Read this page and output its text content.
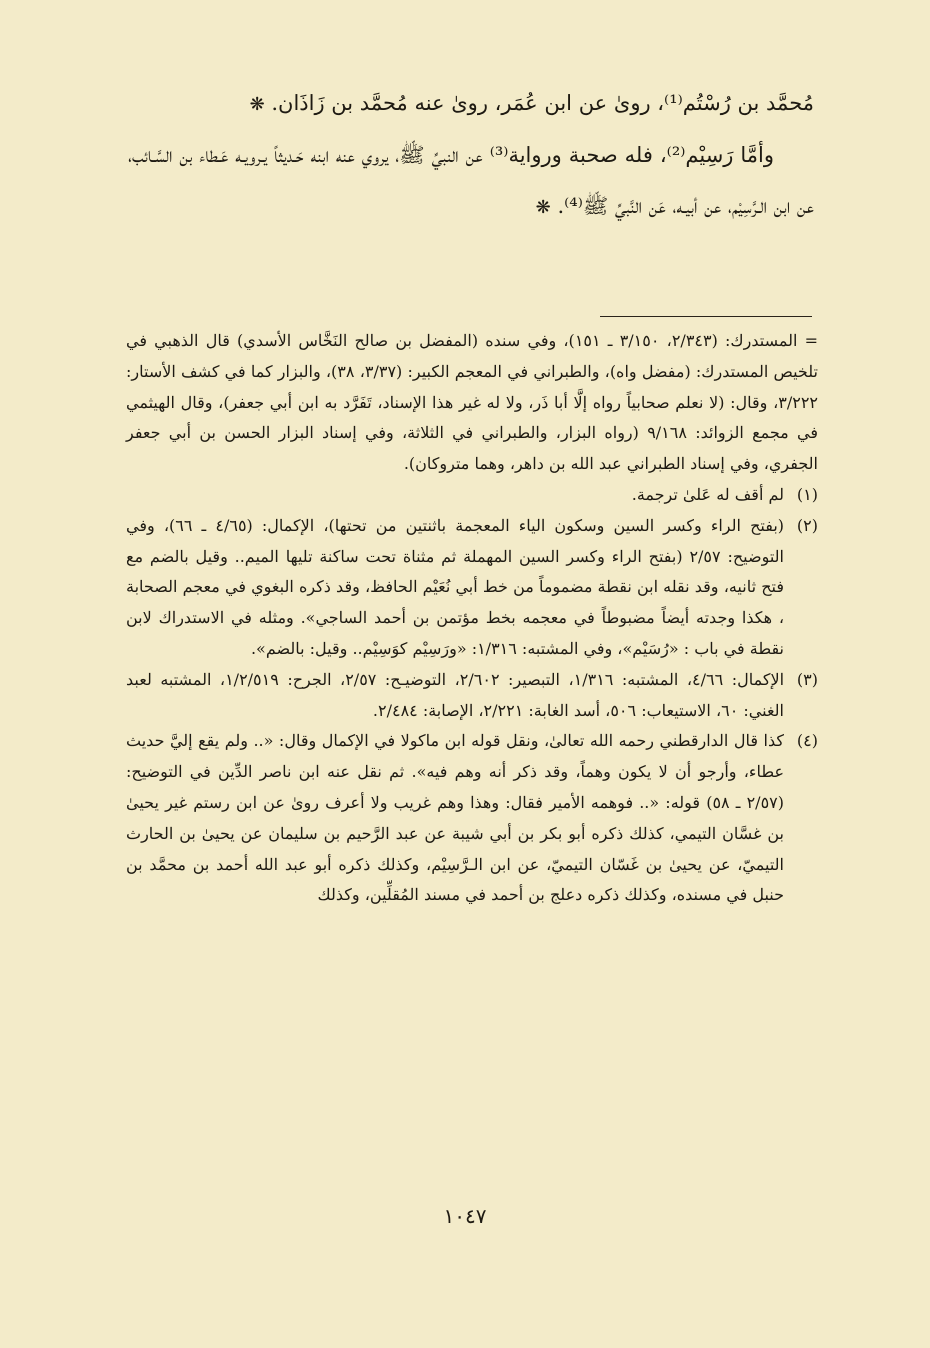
مُحمَّد بن رُسْتُم⁽¹⁾، روىٰ عن ابن عُمَر، روىٰ عنه مُحمَّد بن زَاذَان. ❋

وأمَّا رَسِيْم⁽²⁾، فله صحبة ورواية⁽³⁾ عن النبيِّ ﷺ، يروي عنه ابنه حَـديثاً يـرويـه عَـطاء بن السَّـائب، عن ابن الـرَّسِيْم، عن أبيـه، عَن النَّبيِّ ﷺ⁽⁴⁾. ❋

= المستدرك: (٢/٣٤٣، ٣/١٥٠ ـ ١٥١)، وفي سنده (المفضل بن صالح النَخَّاس الأسدي) قال الذهبي في تلخيص المستدرك: (مفضل واه)، والطبراني في المعجم الكبير: (٣/٣٧، ٣٨)، والبزار كما في كشف الأستار: ٣/٢٢٢، وقال: (لا نعلم صحابياً رواه إلَّا أبا ذَر، ولا له غير هذا الإسناد، تَفَرَّد به ابن أبي جعفر)، وقال الهيثمي في مجمع الزوائد: ٩/١٦٨ (رواه البزار، والطبراني في الثلاثة، وفي إسناد البزار الحسن بن أبي جعفر الجفري، وفي إسناد الطبراني عبد الله بن داهر، وهما متروكان).

(١)
لم أقف له عَلىٰ ترجمة.
(٢)
(بفتح الراء وكسر السين وسكون الياء المعجمة باثنتين من تحتها)، الإكمال: (٤/٦٥ ـ ٦٦)، وفي التوضيح: ٢/٥٧ (بفتح الراء وكسر السين المهملة ثم مثناة تحت ساكنة تليها الميم.. وقيل بالضم مع فتح ثانيه، وقد نقله ابن نقطة مضموماً من خط أبي نُعَيْم الحافظ، وقد ذكره البغوي في معجم الصحابة ، هكذا وجدته أيضاً مضبوطاً في معجمه بخط مؤتمن بن أحمد الساجي». ومثله في الاستدراك لابن نقطة في باب : «رُسَيْم»، وفي المشتبه: ١/٣١٦: «ورَسِيْم كوَسِيْم.. وقيل: بالضم».
(٣)
الإكمال: ٤/٦٦، المشتبه: ١/٣١٦، التبصير: ٢/٦٠٢، التوضيـح: ٢/٥٧، الجرح: ١/٢/٥١٩، المشتبه لعبد الغني: ٦٠، الاستيعاب: ٥٠٦، أسد الغابة: ٢/٢٢١، الإصابة: ٢/٤٨٤.
(٤)
كذا قال الدارقطني رحمه الله تعالىٰ، ونقل قوله ابن ماكولا في الإكمال وقال: «.. ولم يقع إليَّ حديث عطاء، وأرجو أن لا يكون وهماً، وقد ذكر أنه وهم فيه». ثم نقل عنه ابن ناصر الدِّين في التوضيح: (٢/٥٧ ـ ٥٨) قوله: «.. فوهمه الأمير فقال: وهذا وهم غريب ولا أعرف روىٰ عن ابن رستم غير يحيىٰ بن غسَّان التيمي، كذلك ذكره أبو بكر بن أبي شيبة عن عبد الرَّحيم بن سليمان عن يحيىٰ بن الحارث التيميّ، عن يحيىٰ بن غَسّان التيميّ، عن ابن الـرَّسِيْم، وكذلك ذكره أبو عبد الله أحمد بن محمَّد بن حنبل في مسنده، وكذلك ذكره دعلج بن أحمد في مسند المُقلِّين، وكذلك
١٠٤٧
